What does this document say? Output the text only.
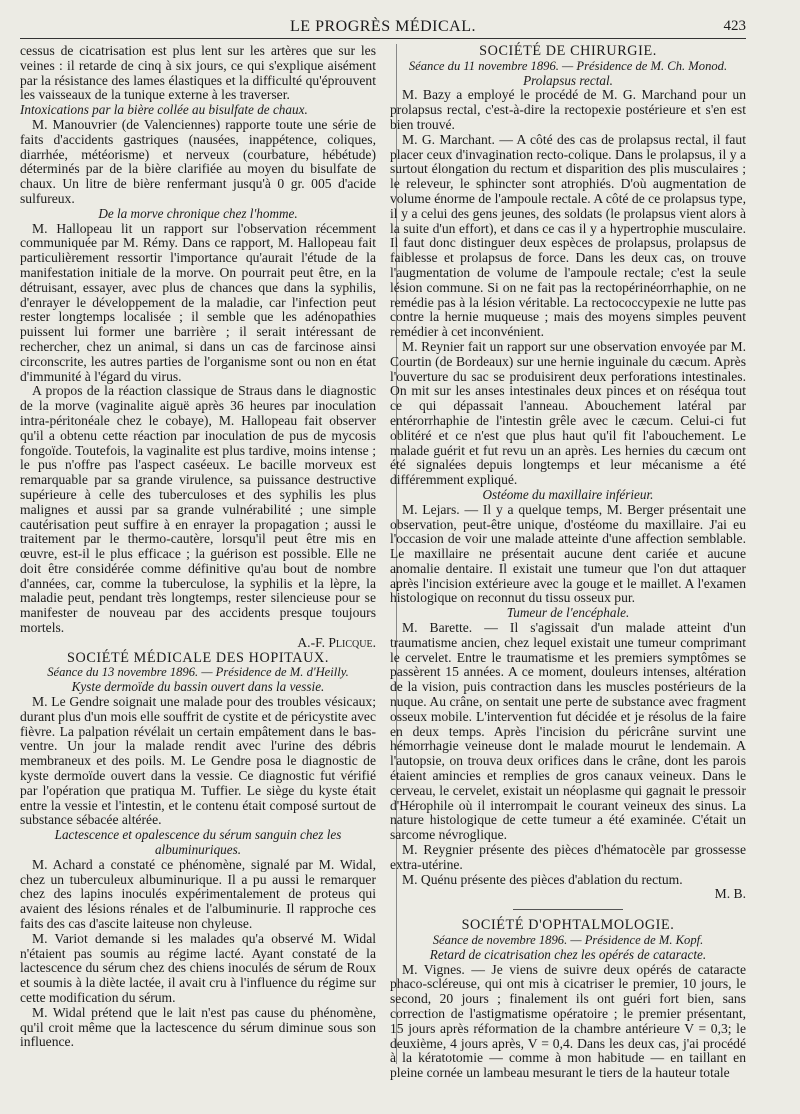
LE PROGRÈS MÉDICAL.	423

cessus de cicatrisation est plus lent sur les artères que sur les veines : il retarde de cinq à six jours, ce qui s'explique aisément par la résistance des lames élastiques et la difficulté qu'éprouvent les vaisseaux de la tunique externe à les traverser.

Intoxications par la bière collée au bisulfate de chaux.

M. Manouvrier (de Valenciennes) rapporte toute une série de faits d'accidents gastriques (nausées, inappétence, coliques, diarrhée, météorisme) et nerveux (courbature, hébétude) déterminés par de la bière clarifiée au moyen du bisulfate de chaux. Un litre de bière renfermant jusqu'à 0 gr. 005 d'acide sulfureux.

De la morve chronique chez l'homme.

M. Hallopeau lit un rapport sur l'observation récemment communiquée par M. Rémy. Dans ce rapport, M. Hallopeau fait particulièrement ressortir l'importance qu'aurait l'étude de la manifestation initiale de la morve. On pourrait peut être, en la détruisant, essayer, avec plus de chances que dans la syphilis, d'enrayer le développement de la maladie, car l'infection peut rester longtemps localisée ; il semble que les adénopathies puissent lui former une barrière ; il serait intéressant de rechercher, chez un animal, si dans un cas de farcinose ainsi circonscrite, les autres parties de l'organisme sont ou non en état d'immunité à l'égard du virus.

A propos de la réaction classique de Straus dans le diagnostic de la morve (vaginalite aiguë après 36 heures par inoculation intra-péritonéale chez le cobaye), M. Hallopeau fait observer qu'il a obtenu cette réaction par inoculation de pus de mycosis fongoïde. Toutefois, la vaginalite est plus tardive, moins intense ; le pus n'offre pas l'aspect caséeux. Le bacille morveux est remarquable par sa grande virulence, sa puissance destructive supérieure à celle des tuberculoses et des syphilis les plus malignes et aussi par sa grande vulnérabilité ; une simple cautérisation peut suffire à en enrayer la propagation ; aussi le traitement par le thermo-cautère, lorsqu'il peut être mis en œuvre, est-il le plus efficace ; la guérison est possible. Elle ne doit être considérée comme définitive qu'au bout de nombre d'années, car, comme la tuberculose, la syphilis et la lèpre, la maladie peut, pendant très longtemps, rester silencieuse pour se manifester de nouveau par des accidents presque toujours mortels.

A.-F. Plicque.

SOCIÉTÉ MÉDICALE DES HOPITAUX.

Séance du 13 novembre 1896. — Présidence de M. d'Heilly.

Kyste dermoïde du bassin ouvert dans la vessie.

M. Le Gendre soignait une malade pour des troubles vésicaux; durant plus d'un mois elle souffrit de cystite et de péricystite avec fièvre. La palpation révélait un certain empâtement dans le bas-ventre. Un jour la malade rendit avec l'urine des débris membraneux et des poils. M. Le Gendre posa le diagnostic de kyste dermoïde ouvert dans la vessie. Ce diagnostic fut vérifié par l'opération que pratiqua M. Tuffier. Le siège du kyste était entre la vessie et l'intestin, et le contenu était composé surtout de substance sébacée altérée.

Lactescence et opalescence du sérum sanguin chez les albuminuriques.

M. Achard a constaté ce phénomène, signalé par M. Widal, chez un tuberculeux albuminurique. Il a pu aussi le remarquer chez des lapins inoculés expérimentalement de proteus qui avaient des lésions rénales et de l'albuminurie. Il rapproche ces faits des cas d'ascite laiteuse non chyleuse.

M. Variot demande si les malades qu'a observé M. Widal n'étaient pas soumis au régime lacté. Ayant constaté de la lactescence du sérum chez des chiens inoculés de sérum de Roux et soumis à la diète lactée, il avait cru à l'influence du régime sur cette modification du sérum.

M. Widal prétend que le lait n'est pas cause du phénomène, qu'il croit même que la lactescence du sérum diminue sous son influence.

SOCIÉTÉ DE CHIRURGIE.

Séance du 11 novembre 1896. — Présidence de M. Ch. Monod.

Prolapsus rectal.

M. Bazy a employé le procédé de M. G. Marchand pour un prolapsus rectal, c'est-à-dire la rectopexie postérieure et s'en est bien trouvé.

M. G. Marchant. — A côté des cas de prolapsus rectal, il faut placer ceux d'invagination recto-colique. Dans le prolapsus, il y a surtout élongation du rectum et disparition des plis musculaires ; le releveur, le sphincter sont atrophiés. D'où augmentation de volume énorme de l'ampoule rectale. A côté de ce prolapsus type, il y a celui des gens jeunes, des soldats (le prolapsus vient alors à la suite d'un effort), et dans ce cas il y a hypertrophie musculaire. Il faut donc distinguer deux espèces de prolapsus, prolapsus de faiblesse et prolapsus de force. Dans les deux cas, on trouve l'augmentation de volume de l'ampoule rectale; c'est la seule lésion commune. Si on ne fait pas la rectopérinéorrhaphie, on ne remédie pas à la lésion véritable. La rectococcypexie ne lutte pas contre la hernie muqueuse ; mais des moyens simples peuvent remédier à cet inconvénient.

M. Reynier fait un rapport sur une observation envoyée par M. Courtin (de Bordeaux) sur une hernie inguinale du cæcum. Après l'ouverture du sac se produisirent deux perforations intestinales. On mit sur les anses intestinales deux pinces et on réséqua tout ce qui dépassait l'anneau. Abouchement latéral par entérorrhaphie de l'intestin grêle avec le cæcum. Celui-ci fut oblitéré et ce n'est que plus haut qu'il fit l'abouchement. Le malade guérit et fut revu un an après. Les hernies du cæcum ont été signalées depuis longtemps et leur mécanisme a été différemment expliqué.

Ostéome du maxillaire inférieur.

M. Lejars. — Il y a quelque temps, M. Berger présentait une observation, peut-être unique, d'ostéome du maxillaire. J'ai eu l'occasion de voir une malade atteinte d'une affection semblable. Le maxillaire ne présentait aucune dent cariée et aucune anomalie dentaire. Il existait une tumeur que l'on dut attaquer après l'incision extérieure avec la gouge et le maillet. A l'examen histologique on reconnut du tissu osseux pur.

Tumeur de l'encéphale.

M. Barette. — Il s'agissait d'un malade atteint d'un traumatisme ancien, chez lequel existait une tumeur comprimant le cervelet. Entre le traumatisme et les premiers symptômes se passèrent 15 années. A ce moment, douleurs intenses, altération de la vision, puis contraction dans les muscles postérieurs de la nuque. Au crâne, on sentait une perte de substance avec fragment osseux mobile. L'intervention fut décidée et je résolus de la faire en deux temps. Après l'incision du péricrâne survint une hémorrhagie veineuse dont le malade mourut le lendemain. A l'autopsie, on trouva deux orifices dans le crâne, dont les parois étaient amincies et remplies de gros canaux veineux. Dans le cerveau, le cervelet, existait un néoplasme qui gagnait le pressoir d'Hérophile où il interrompait le courant veineux des sinus. La nature histologique de cette tumeur a été examinée. C'était un sarcome névroglique.

M. Reygnier présente des pièces d'hématocèle par grossesse extra-utérine.

M. Quénu présente des pièces d'ablation du rectum.

M. B.

SOCIÉTÉ D'OPHTALMOLOGIE.

Séance de novembre 1896. — Présidence de M. Kopf.

Retard de cicatrisation chez les opérés de cataracte.

M. Vignes. — Je viens de suivre deux opérés de cataracte phaco-scléreuse, qui ont mis à cicatriser le premier, 10 jours, le second, 20 jours ; finalement ils ont guéri fort bien, sans correction de l'astigmatisme opératoire ; le premier présentant, 15 jours après réformation de la chambre antérieure V = 0,3; le deuxième, 4 jours après, V = 0,4. Dans les deux cas, j'ai procédé à la kératotomie — comme à mon habitude — en taillant en pleine cornée un lambeau mesurant le tiers de la hauteur totale
